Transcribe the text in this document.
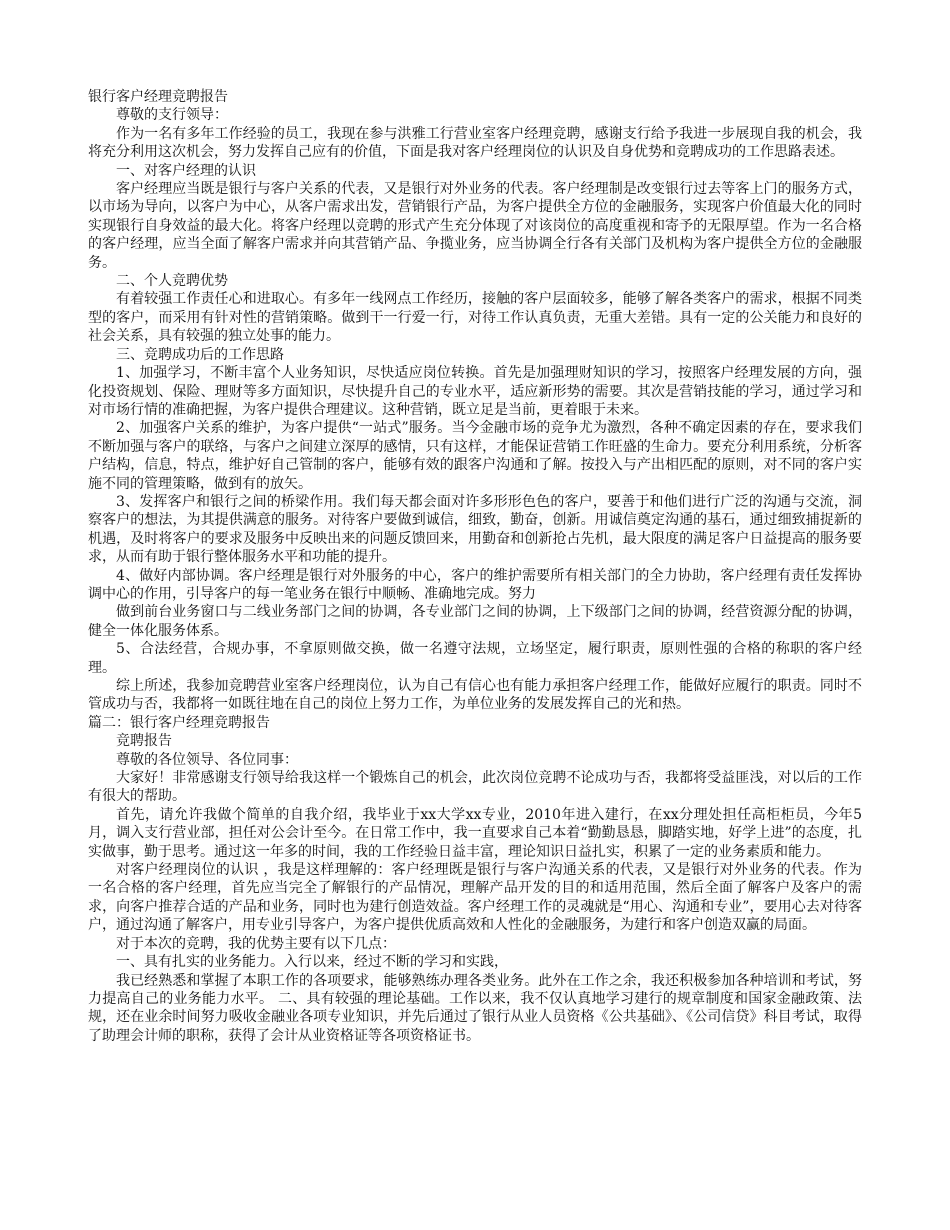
银行客户经理竞聘报告

尊敬的支行领导：

作为一名有多年工作经验的员工，我现在参与洪雅工行营业室客户经理竞聘，感谢支行给予我进一步展现自我的机会，我将充分利用这次机会，努力发挥自己应有的价值，下面是我对客户经理岗位的认识及自身优势和竞聘成功的工作思路表述。

一、对客户经理的认识

客户经理应当既是银行与客户关系的代表，又是银行对外业务的代表。客户经理制是改变银行过去等客上门的服务方式，以市场为导向，以客户为中心，从客户需求出发，营销银行产品，为客户提供全方位的金融服务，实现客户价值最大化的同时实现银行自身效益的最大化。将客户经理以竞聘的形式产生充分体现了对该岗位的高度重视和寄予的无限厚望。作为一名合格的客户经理，应当全面了解客户需求并向其营销产品、争揽业务，应当协调全行各有关部门及机构为客户提供全方位的金融服务。

二、个人竞聘优势

有着较强工作责任心和进取心。有多年一线网点工作经历，接触的客户层面较多，能够了解各类客户的需求，根据不同类型的客户，而采用有针对性的营销策略。做到干一行爱一行，对待工作认真负责，无重大差错。具有一定的公关能力和良好的社会关系，具有较强的独立处事的能力。

三、竞聘成功后的工作思路

1、加强学习，不断丰富个人业务知识，尽快适应岗位转换。首先是加强理财知识的学习，按照客户经理发展的方向，强化投资规划、保险、理财等多方面知识，尽快提升自己的专业水平，适应新形势的需要。其次是营销技能的学习，通过学习和对市场行情的准确把握，为客户提供合理建议。这种营销，既立足是当前，更着眼于未来。

2、加强客户关系的维护，为客户提供“一站式”服务。当今金融市场的竞争尤为激烈，各种不确定因素的存在，要求我们不断加强与客户的联络，与客户之间建立深厚的感情，只有这样，才能保证营销工作旺盛的生命力。要充分利用系统，分析客户结构，信息，特点，维护好自己管制的客户，能够有效的跟客户沟通和了解。按投入与产出相匹配的原则，对不同的客户实施不同的管理策略，做到有的放矢。

3、发挥客户和银行之间的桥梁作用。我们每天都会面对许多形形色色的客户，要善于和他们进行广泛的沟通与交流，洞察客户的想法，为其提供满意的服务。对待客户要做到诚信，细致，勤奋，创新。用诚信奠定沟通的基石，通过细致捕捉新的机遇，及时将客户的要求及服务中反映出来的问题反馈回来，用勤奋和创新抢占先机，最大限度的满足客户日益提高的服务要求，从而有助于银行整体服务水平和功能的提升。

4、做好内部协调。客户经理是银行对外服务的中心，客户的维护需要所有相关部门的全力协助，客户经理有责任发挥协调中心的作用，引导客户的每一笔业务在银行中顺畅、准确地完成。努力

做到前台业务窗口与二线业务部门之间的协调，各专业部门之间的协调，上下级部门之间的协调，经营资源分配的协调，健全一体化服务体系。

5、合法经营，合规办事，不拿原则做交换，做一名遵守法规，立场坚定，履行职责，原则性强的合格的称职的客户经理。

综上所述，我参加竞聘营业室客户经理岗位，认为自己有信心也有能力承担客户经理工作，能做好应履行的职责。同时不管成功与否，我都将一如既往地在自己的岗位上努力工作，为单位业务的发展发挥自己的光和热。

篇二：银行客户经理竞聘报告

竞聘报告

尊敬的各位领导、各位同事：

大家好！非常感谢支行领导给我这样一个锻炼自己的机会，此次岗位竞聘不论成功与否，我都将受益匪浅，对以后的工作有很大的帮助。

首先，请允许我做个简单的自我介绍，我毕业于xx大学xx专业，2010年进入建行，在xx分理处担任高柜柜员，今年5月，调入支行营业部，担任对公会计至今。在日常工作中，我一直要求自己本着“勤勤恳恳，脚踏实地，好学上进”的态度，扎实做事，勤于思考。通过这一年多的时间，我的工作经验日益丰富，理论知识日益扎实，积累了一定的业务素质和能力。

对客户经理岗位的认识 ，我是这样理解的：客户经理既是银行与客户沟通关系的代表，又是银行对外业务的代表。作为一名合格的客户经理，首先应当完全了解银行的产品情况，理解产品开发的目的和适用范围，然后全面了解客户及客户的需求，向客户推荐合适的产品和业务，同时也为建行创造效益。客户经理工作的灵魂就是“用心、沟通和专业”，要用心去对待客户，通过沟通了解客户，用专业引导客户，为客户提供优质高效和人性化的金融服务，为建行和客户创造双赢的局面。

对于本次的竞聘，我的优势主要有以下几点：

一、具有扎实的业务能力。入行以来，经过不断的学习和实践，

我已经熟悉和掌握了本职工作的各项要求，能够熟练办理各类业务。此外在工作之余，我还积极参加各种培训和考试，努力提高自己的业务能力水平。 二、具有较强的理论基础。工作以来，我不仅认真地学习建行的规章制度和国家金融政策、法规，还在业余时间努力吸收金融业各项专业知识，并先后通过了银行从业人员资格《公共基础》、《公司信贷》科目考试，取得了助理会计师的职称，获得了会计从业资格证等各项资格证书。
